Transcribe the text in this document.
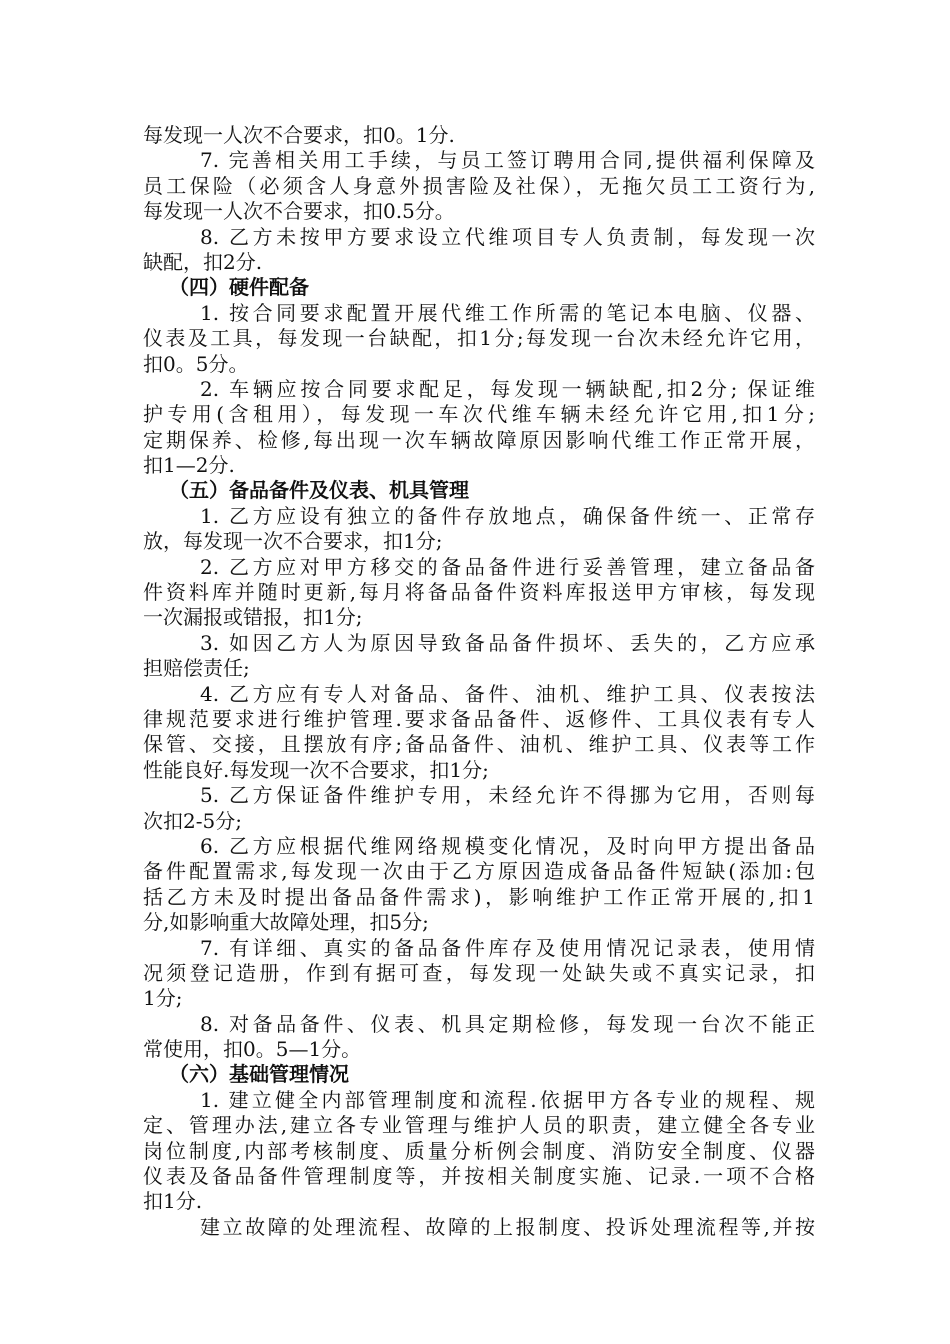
每发现一人次不合要求，扣0。1分.
7. 完善相关用工手续，与员工签订聘用合同,提供福利保障及
员工保险（必须含人身意外损害险及社保），无拖欠员工工资行为,
每发现一人次不合要求，扣0.5分。
8. 乙方未按甲方要求设立代维项目专人负责制，每发现一次
缺配，扣2分.
（四）硬件配备
1. 按合同要求配置开展代维工作所需的笔记本电脑、仪器、
仪表及工具，每发现一台缺配，扣1分;每发现一台次未经允许它用，
扣0。5分。
2. 车辆应按合同要求配足，每发现一辆缺配,扣2分; 保证维
护专用(含租用），每发现一车次代维车辆未经允许它用,扣1分;
定期保养、检修,每出现一次车辆故障原因影响代维工作正常开展，
扣1—2分.
（五）备品备件及仪表、机具管理
1. 乙方应设有独立的备件存放地点，确保备件统一、正常存
放，每发现一次不合要求，扣1分;
2. 乙方应对甲方移交的备品备件进行妥善管理，建立备品备
件资料库并随时更新,每月将备品备件资料库报送甲方审核，每发现
一次漏报或错报，扣1分;
3. 如因乙方人为原因导致备品备件损坏、丢失的，乙方应承
担赔偿责任;
4. 乙方应有专人对备品、备件、油机、维护工具、仪表按法
律规范要求进行维护管理.要求备品备件、返修件、工具仪表有专人
保管、交接，且摆放有序;备品备件、油机、维护工具、仪表等工作
性能良好.每发现一次不合要求，扣1分;
5. 乙方保证备件维护专用，未经允许不得挪为它用，否则每
次扣2-5分;
6. 乙方应根据代维网络规模变化情况，及时向甲方提出备品
备件配置需求,每发现一次由于乙方原因造成备品备件短缺(添加:包
括乙方未及时提出备品备件需求)，影响维护工作正常开展的,扣1
分,如影响重大故障处理，扣5分;
7. 有详细、真实的备品备件库存及使用情况记录表，使用情
况须登记造册，作到有据可查，每发现一处缺失或不真实记录，扣
1分;
8. 对备品备件、仪表、机具定期检修，每发现一台次不能正
常使用，扣0。5—1分。
（六）基础管理情况
1. 建立健全内部管理制度和流程.依据甲方各专业的规程、规
定、管理办法,建立各专业管理与维护人员的职责，建立健全各专业
岗位制度,内部考核制度、质量分析例会制度、消防安全制度、仪器
仪表及备品备件管理制度等，并按相关制度实施、记录.一项不合格
扣1分.
建立故障的处理流程、故障的上报制度、投诉处理流程等,并按
